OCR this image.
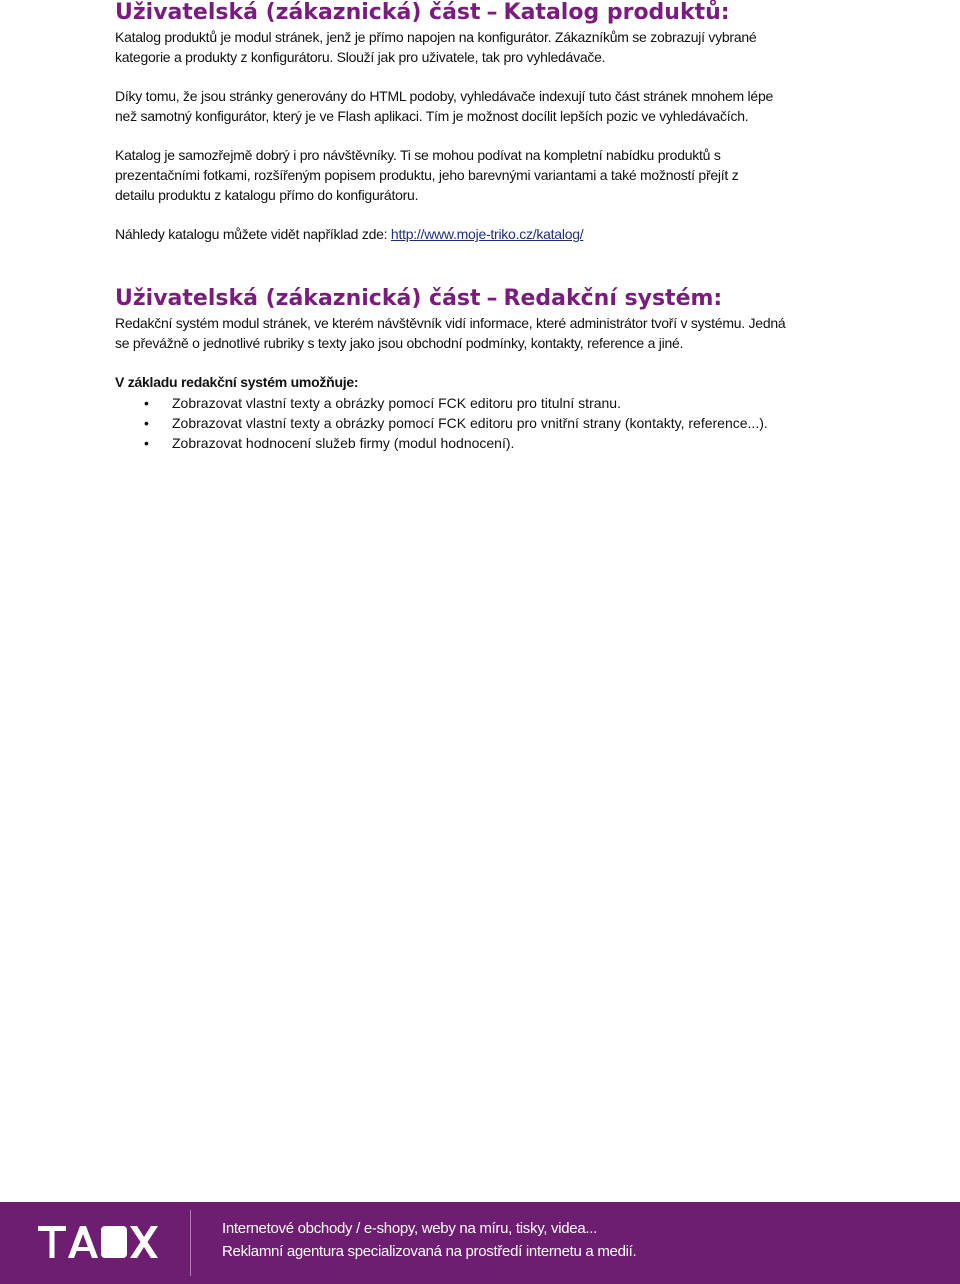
Uživatelská (zákaznická) část – Katalog produktů:

Katalog produktů je modul stránek, jenž je přímo napojen na konfigurátor. Zákazníkům se zobrazují vybrané

kategorie a produkty z konfigurátoru. Slouží jak pro uživatele, tak pro vyhledávače.

Díky tomu, že jsou stránky generovány do HTML podoby, vyhledávače indexují tuto část stránek mnohem lépe

než samotný konfigurátor, který je ve Flash aplikaci. Tím je možnost docílit lepších pozic ve vyhledávačích.

Katalog je samozřejmě dobrý i pro návštěvníky. Ti se mohou podívat na kompletní nabídku produktů s

prezentačními fotkami, rozšířeným popisem produktu, jeho barevnými variantami a také možností přejít z

detailu produktu z katalogu přímo do konfigurátoru.

Náhledy katalogu můžete vidět například zde: http://www.moje-triko.cz/katalog/

Uživatelská (zákaznická) část – Redakční systém:

Redakční systém modul stránek, ve kterém návštěvník vidí informace, které administrátor tvoří v systému. Jedná

se převážně o jednotlivé rubriky s texty jako jsou obchodní podmínky, kontakty, reference a jiné.

V základu redakční systém umožňuje:

• Zobrazovat vlastní texty a obrázky pomocí FCK editoru pro titulní stranu.
• Zobrazovat vlastní texty a obrázky pomocí FCK editoru pro vnitřní strany (kontakty, reference...).
• Zobrazovat hodnocení služeb firmy (modul hodnocení).
Internetové obchody / e-shopy, weby na míru, tisky, videa...
Reklamní agentura specializovaná na prostředí internetu a medií.
